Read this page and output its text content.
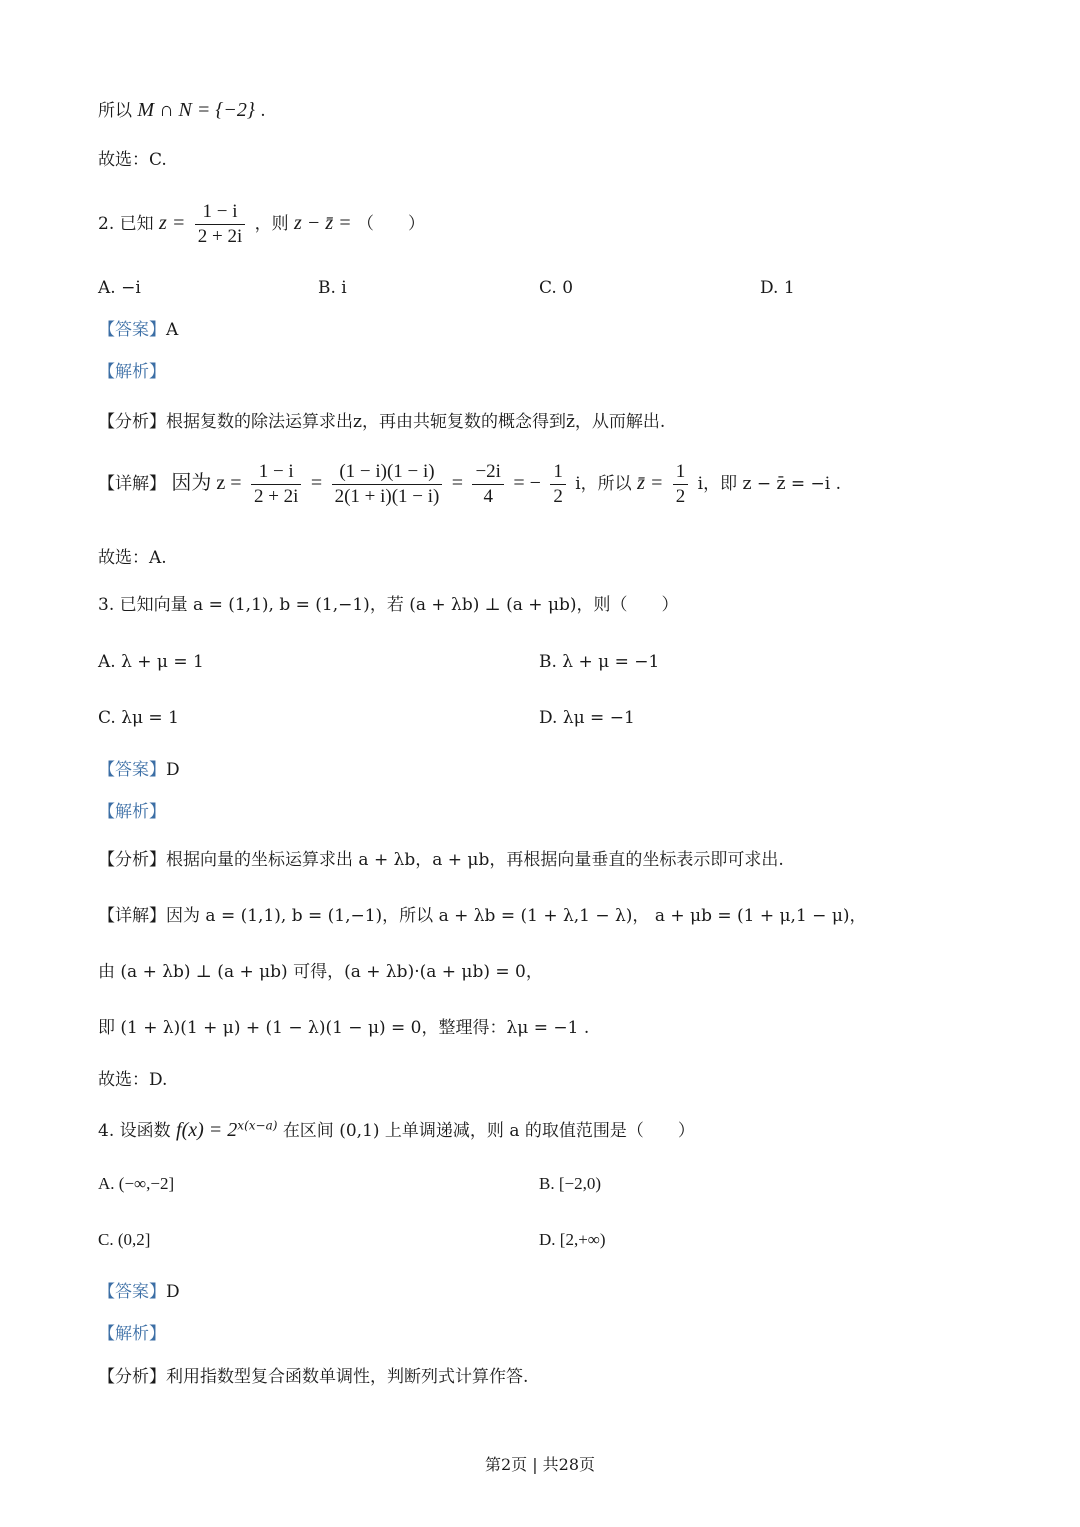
所以 M ∩ N = {−2} .
故选：C.
2. 已知 $z = \frac{1 - i}{2 + 2i}$ ，则 z − z̄ = （　　）
A. −i	B. i	C. 0	D. 1
【答案】A
【解析】
【分析】根据复数的除法运算求出z，再由共轭复数的概念得到z̄，从而解出.
【详解】 因为 $z = \frac{1 - i}{2 + 2i} = \frac{(1 - i)(1 - i)}{2(1 + i)(1 - i)} = \frac{-2i}{4}$ = − $\frac{1}{2}$ i，所以 z̄ = $\frac{1}{2}$ i，即 z − z̄ = −i .
故选：A.
3. 已知向量 a = (1,1), b = (1,−1)，若 (a + λb) ⊥ (a + μb)，则（　　）
A. λ + μ = 1	B. λ + μ = −1
C. λμ = 1	D. λμ = −1
【答案】D
【解析】
【分析】根据向量的坐标运算求出 a + λb，a + μb，再根据向量垂直的坐标表示即可求出.
【详解】因为 a = (1,1), b = (1,−1)，所以 a + λb = (1 + λ,1 − λ)， a + μb = (1 + μ,1 − μ)，
由 (a + λb) ⊥ (a + μb) 可得，(a + λb)·(a + μb) = 0，
即 (1 + λ)(1 + μ) + (1 − λ)(1 − μ) = 0，整理得：λμ = −1 .
故选：D.
4. 设函数 $f(x) = 2^{x(x-a)}$ 在区间 (0,1) 上单调递减，则 a 的取值范围是（　　）
A. (−∞,−2]	B. [−2,0)
C. (0,2]	D. [2,+∞)
【答案】D
【解析】
【分析】利用指数型复合函数单调性，判断列式计算作答.
第2页 | 共28页
